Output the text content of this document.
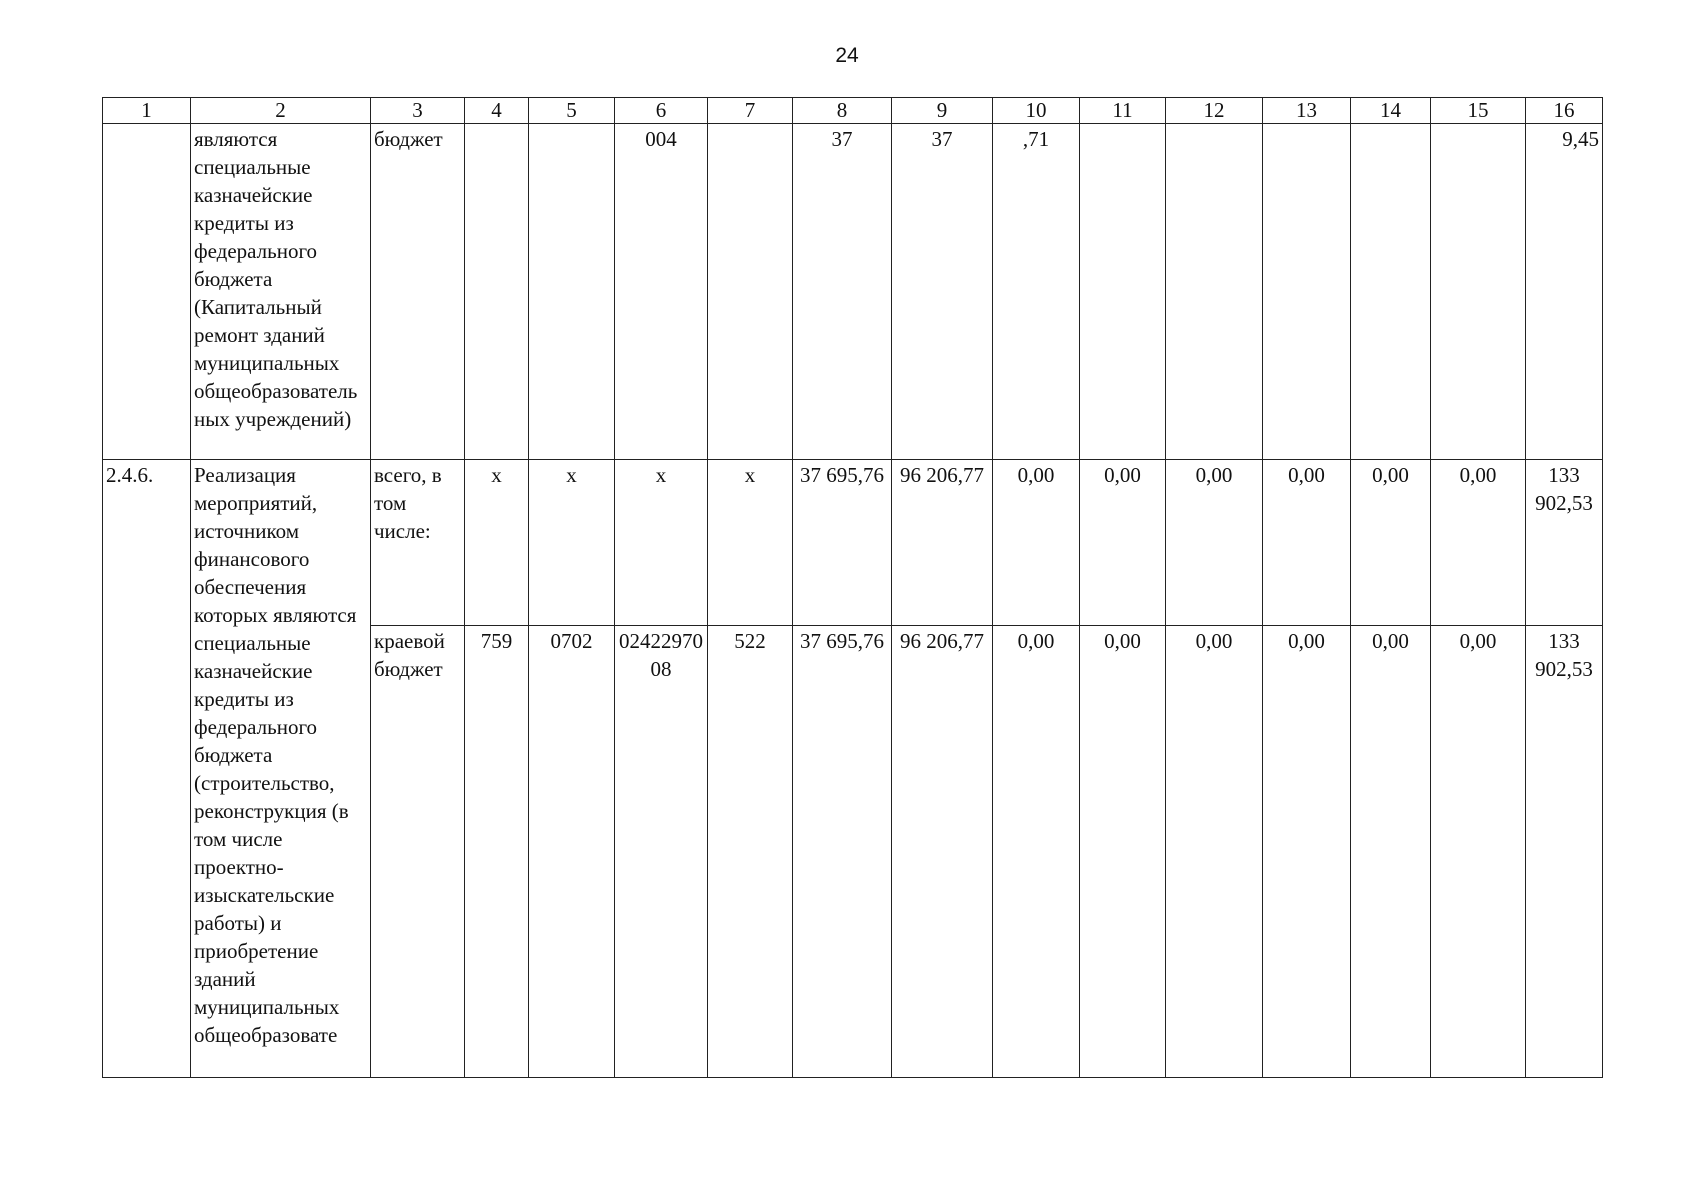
24
1	2	3	4	5	6	7	8	9	10	11	12	13	14	15	16
	являются специальные казначейские кредиты из федерального бюджета (Капитальный ремонт зданий муниципальных общеобразовательных учреждений)	бюджет			004		37	37	,71						9,45
2.4.6.	Реализация мероприятий, источником финансового обеспечения которых являются специальные казначейские кредиты из федерального бюджета (строительство, реконструкция (в том числе проектно-изыскательские работы) и приобретение зданий муниципальных общеобразовате	всего, в том числе:	х	х	х	х	37 695,76	96 206,77	0,00	0,00	0,00	0,00	0,00	0,00	133 902,53
		краевой бюджет	759	0702	0242297008	522	37 695,76	96 206,77	0,00	0,00	0,00	0,00	0,00	0,00	133 902,53
